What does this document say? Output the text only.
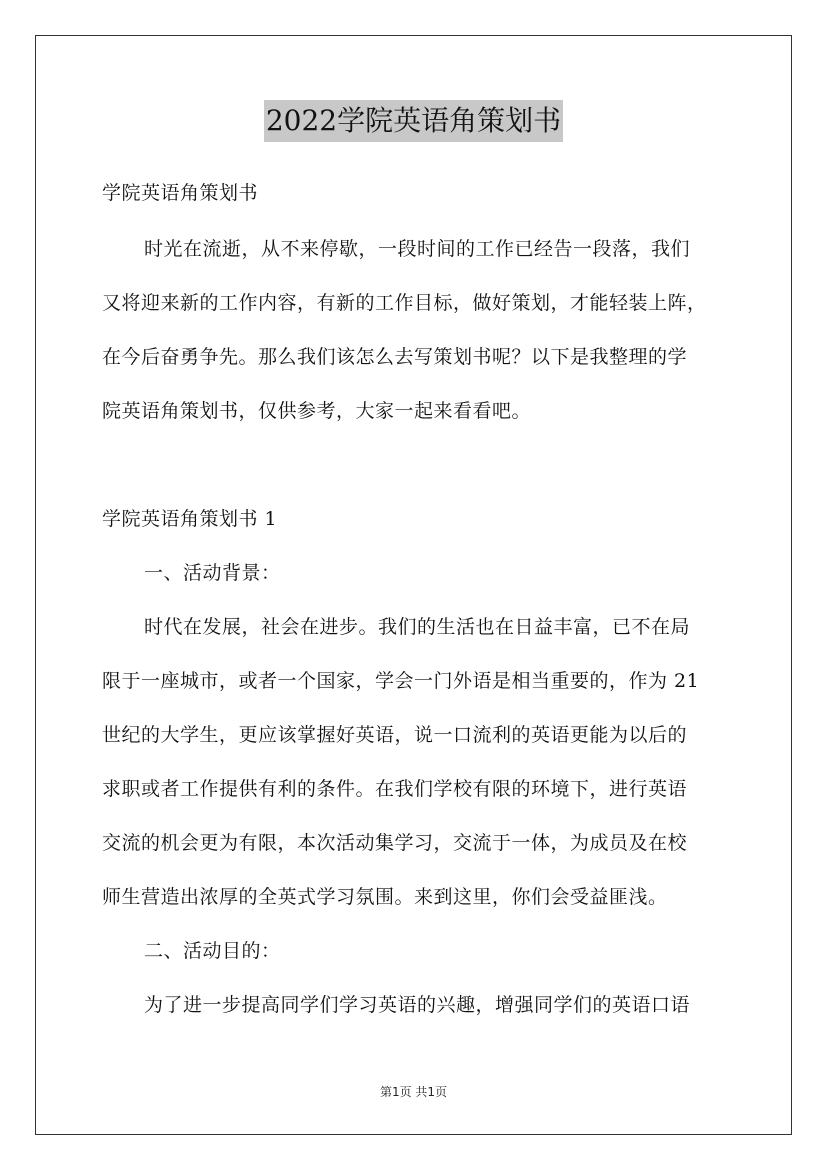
2022学院英语角策划书
学院英语角策划书
时光在流逝，从不来停歇，一段时间的工作已经告一段落，我们
又将迎来新的工作内容，有新的工作目标，做好策划，才能轻装上阵，
在今后奋勇争先。那么我们该怎么去写策划书呢？以下是我整理的学
院英语角策划书，仅供参考，大家一起来看看吧。
学院英语角策划书 1
一、活动背景：
时代在发展，社会在进步。我们的生活也在日益丰富，已不在局
限于一座城市，或者一个国家，学会一门外语是相当重要的，作为 21
世纪的大学生，更应该掌握好英语，说一口流利的英语更能为以后的
求职或者工作提供有利的条件。在我们学校有限的环境下，进行英语
交流的机会更为有限，本次活动集学习，交流于一体，为成员及在校
师生营造出浓厚的全英式学习氛围。来到这里，你们会受益匪浅。
二、活动目的：
为了进一步提高同学们学习英语的兴趣，增强同学们的英语口语
第1页 共1页
